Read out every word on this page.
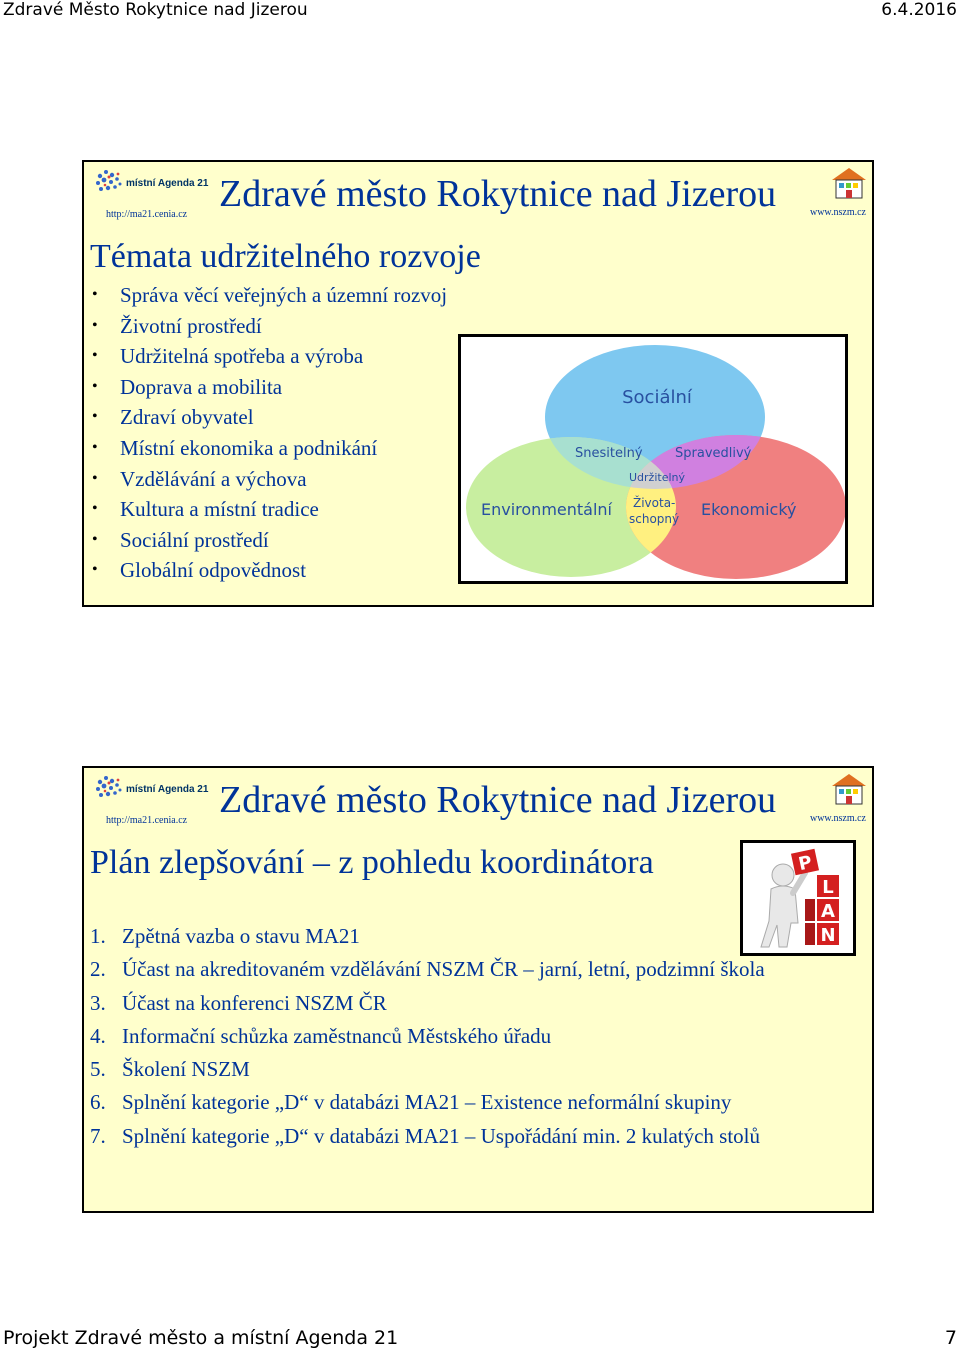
Zdravé Město Rokytnice nad Jizerou	6.4.2016
místní Agenda 21
http://ma21.cenia.cz Zdravé město Rokytnice nad Jizerou	www.nszm.cz
Témata udržitelného rozvoje
• Správa věcí veřejných a územní rozvoj
• Životní prostředí
• Udržitelná spotřeba a výroba
• Doprava a mobilita
• Zdraví obyvatel
• Místní ekonomika a podnikání
• Vzdělávání a výchova
• Kultura a místní tradice
• Sociální prostředí
• Globální odpovědnost
Sociální
Environmentální	Ekonomický
Snesitelný Spravedlivý
Udržitelný
Života-
schopný
místní Agenda 21
http://ma21.cenia.cz Zdravé město Rokytnice nad Jizerou	www.nszm.cz
Plán zlepšování – z pohledu koordinátora	P
L
A
N
1. Zpětná vazba o stavu MA21
2. Účast na akreditovaném vzdělávání NSZM ČR – jarní, letní, podzimní škola
3. Účast na konferenci NSZM ČR
4. Informační schůzka zaměstnanců Městského úřadu
5. Školení NSZM
6. Splnění kategorie „D“ v databázi MA21 – Existence neformální skupiny
7. Splnění kategorie „D“ v databázi MA21 – Uspořádání min. 2 kulatých stolů
Projekt Zdravé město a místní Agenda 21	7
